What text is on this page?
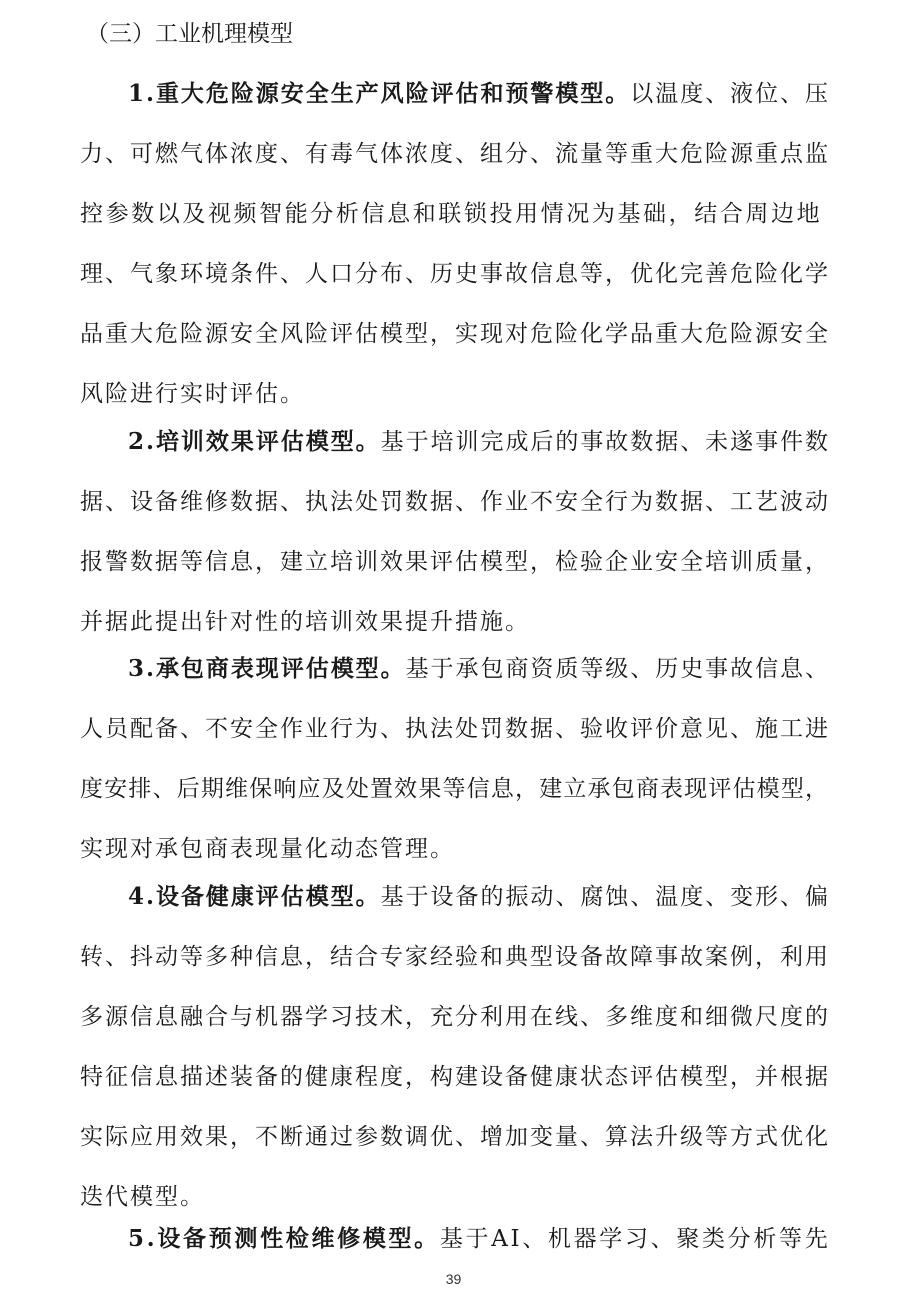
（三）工业机理模型
1.重大危险源安全生产风险评估和预警模型。以温度、液位、压
力、可燃气体浓度、有毒气体浓度、组分、流量等重大危险源重点监
控参数以及视频智能分析信息和联锁投用情况为基础，结合周边地
理、气象环境条件、人口分布、历史事故信息等，优化完善危险化学
品重大危险源安全风险评估模型，实现对危险化学品重大危险源安全
风险进行实时评估。
2.培训效果评估模型。基于培训完成后的事故数据、未遂事件数
据、设备维修数据、执法处罚数据、作业不安全行为数据、工艺波动
报警数据等信息，建立培训效果评估模型，检验企业安全培训质量，
并据此提出针对性的培训效果提升措施。
3.承包商表现评估模型。基于承包商资质等级、历史事故信息、
人员配备、不安全作业行为、执法处罚数据、验收评价意见、施工进
度安排、后期维保响应及处置效果等信息，建立承包商表现评估模型，
实现对承包商表现量化动态管理。
4.设备健康评估模型。基于设备的振动、腐蚀、温度、变形、偏
转、抖动等多种信息，结合专家经验和典型设备故障事故案例，利用
多源信息融合与机器学习技术，充分利用在线、多维度和细微尺度的
特征信息描述装备的健康程度，构建设备健康状态评估模型，并根据
实际应用效果，不断通过参数调优、增加变量、算法升级等方式优化
迭代模型。
5.设备预测性检维修模型。基于AI、机器学习、聚类分析等先
39
